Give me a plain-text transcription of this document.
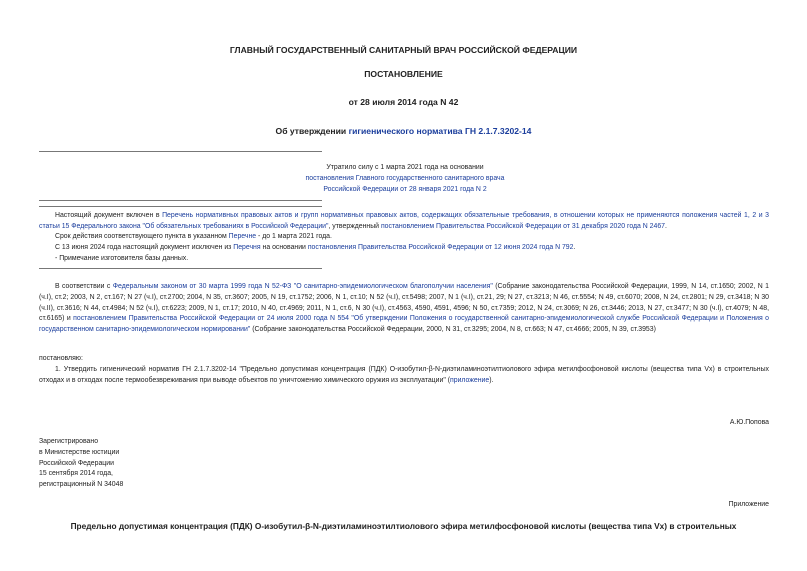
ГЛАВНЫЙ ГОСУДАРСТВЕННЫЙ САНИТАРНЫЙ ВРАЧ РОССИЙСКОЙ ФЕДЕРАЦИИ
ПОСТАНОВЛЕНИЕ
от 28 июля 2014 года N 42
Об утверждении гигиенического норматива ГН 2.1.7.3202-14
Утратило силу с 1 марта 2021 года на основании
постановления Главного государственного санитарного врача
Российской Федерации от 28 января 2021 года N 2
Настоящий документ включен в Перечень нормативных правовых актов и групп нормативных правовых актов, содержащих обязательные требования, в отношении которых не применяются положения частей 1, 2 и 3 статьи 15 Федерального закона "Об обязательных требованиях в Российской Федерации", утвержденный постановлением Правительства Российской Федерации от 31 декабря 2020 года N 2467.
Срок действия соответствующего пункта в указанном Перечне - до 1 марта 2021 года.
С 13 июня 2024 года настоящий документ исключен из Перечня на основании постановления Правительства Российской Федерации от 12 июня 2024 года N 792.
- Примечание изготовителя базы данных.
В соответствии с Федеральным законом от 30 марта 1999 года N 52-ФЗ "О санитарно-эпидемиологическом благополучии населения" (Собрание законодательства Российской Федерации, 1999, N 14, ст.1650; 2002, N 1 (ч.I), ст.2; 2003, N 2, ст.167; N 27 (ч.I), ст.2700; 2004, N 35, ст.3607; 2005, N 19, ст.1752; 2006, N 1, ст.10; N 52 (ч.I), ст.5498; 2007, N 1 (ч.I), ст.21, 29; N 27, ст.3213; N 46, ст.5554; N 49, ст.6070; 2008, N 24, ст.2801; N 29, ст.3418; N 30 (ч.II), ст.3616; N 44, ст.4984; N 52 (ч.I), ст.6223; 2009, N 1, ст.17; 2010, N 40, ст.4969; 2011, N 1, ст.6, N 30 (ч.I), ст.4563, 4590, 4591, 4596; N 50, ст.7359; 2012, N 24, ст.3069; N 26, ст.3446; 2013, N 27, ст.3477; N 30 (ч.I), ст.4079; N 48, ст.6165) и постановлением Правительства Российской Федерации от 24 июля 2000 года N 554 "Об утверждении Положения о государственной санитарно-эпидемиологической службе Российской Федерации и Положения о государственном санитарно-эпидемиологическом нормировании" (Собрание законодательства Российской Федерации, 2000, N 31, ст.3295; 2004, N 8, ст.663; N 47, ст.4666; 2005, N 39, ст.3953)
постановляю:
1. Утвердить гигиенический норматив ГН 2.1.7.3202-14 "Предельно допустимая концентрация (ПДК) О-изобутил-β-N-диэтиламиноэтилтиолового эфира метилфосфоновой кислоты (вещества типа Vx) в строительных отходах и в отходах после термообезвреживания при выводе объектов по уничтожению химического оружия из эксплуатации" (приложение).
А.Ю.Попова
Зарегистрировано
в Министерстве юстиции
Российской Федерации
15 сентября 2014 года,
регистрационный N 34048
Приложение
Предельно допустимая концентрация (ПДК) О-изобутил-β-N-диэтиламиноэтилтиолового эфира метилфосфоновой кислоты (вещества типа Vx) в строительных
